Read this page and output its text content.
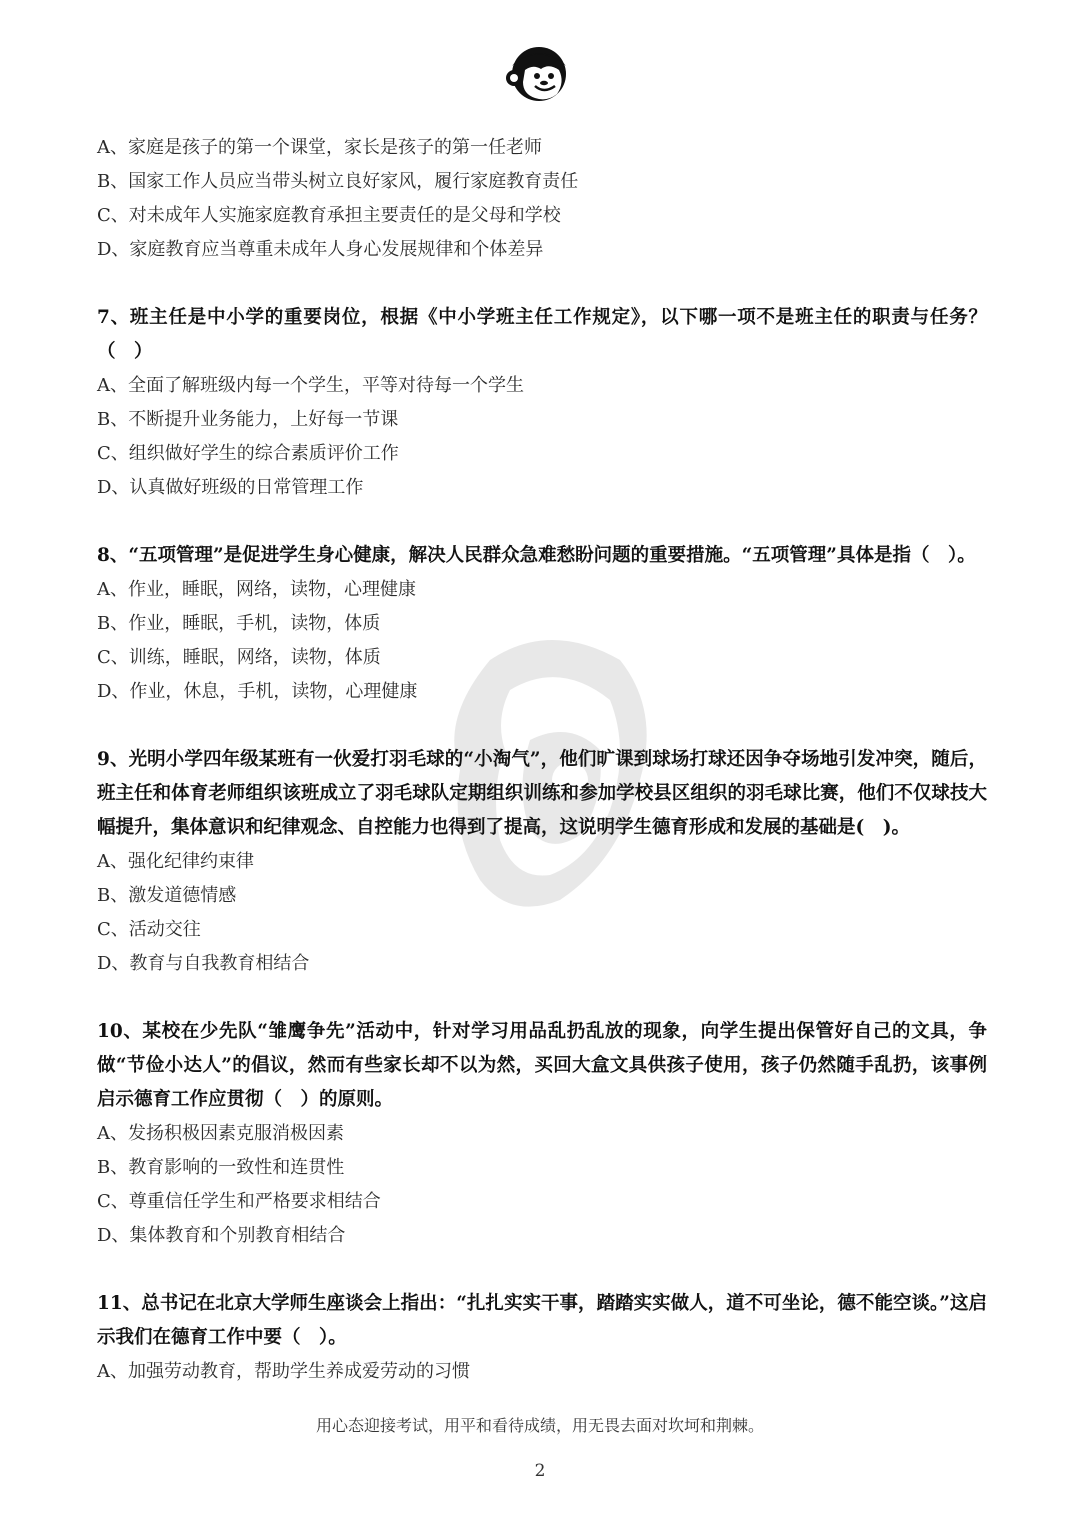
A、家庭是孩子的第一个课堂，家长是孩子的第一任老师
B、国家工作人员应当带头树立良好家风，履行家庭教育责任
C、对未成年人实施家庭教育承担主要责任的是父母和学校
D、家庭教育应当尊重未成年人身心发展规律和个体差异
7、班主任是中小学的重要岗位，根据《中小学班主任工作规定》，以下哪一项不是班主任的职责与任务？（　）
A、全面了解班级内每一个学生，平等对待每一个学生
B、不断提升业务能力，上好每一节课
C、组织做好学生的综合素质评价工作
D、认真做好班级的日常管理工作
8、“五项管理”是促进学生身心健康，解决人民群众急难愁盼问题的重要措施。“五项管理”具体是指（　）。
A、作业，睡眠，网络，读物，心理健康
B、作业，睡眠，手机，读物，体质
C、训练，睡眠，网络，读物，体质
D、作业，休息，手机，读物，心理健康
9、光明小学四年级某班有一伙爱打羽毛球的“小淘气”，他们旷课到球场打球还因争夺场地引发冲突，随后，班主任和体育老师组织该班成立了羽毛球队定期组织训练和参加学校县区组织的羽毛球比赛，他们不仅球技大幅提升，集体意识和纪律观念、自控能力也得到了提高，这说明学生德育形成和发展的基础是(　)。
A、强化纪律约束律
B、激发道德情感
C、活动交往
D、教育与自我教育相结合
10、某校在少先队“雏鹰争先”活动中，针对学习用品乱扔乱放的现象，向学生提出保管好自己的文具，争做“节俭小达人”的倡议，然而有些家长却不以为然，买回大盒文具供孩子使用，孩子仍然随手乱扔，该事例启示德育工作应贯彻（　）的原则。
A、发扬积极因素克服消极因素
B、教育影响的一致性和连贯性
C、尊重信任学生和严格要求相结合
D、集体教育和个别教育相结合
11、总书记在北京大学师生座谈会上指出：“扎扎实实干事，踏踏实实做人，道不可坐论，德不能空谈。”这启示我们在德育工作中要（　）。
A、加强劳动教育，帮助学生养成爱劳动的习惯
用心态迎接考试，用平和看待成绩，用无畏去面对坎坷和荆棘。
2
